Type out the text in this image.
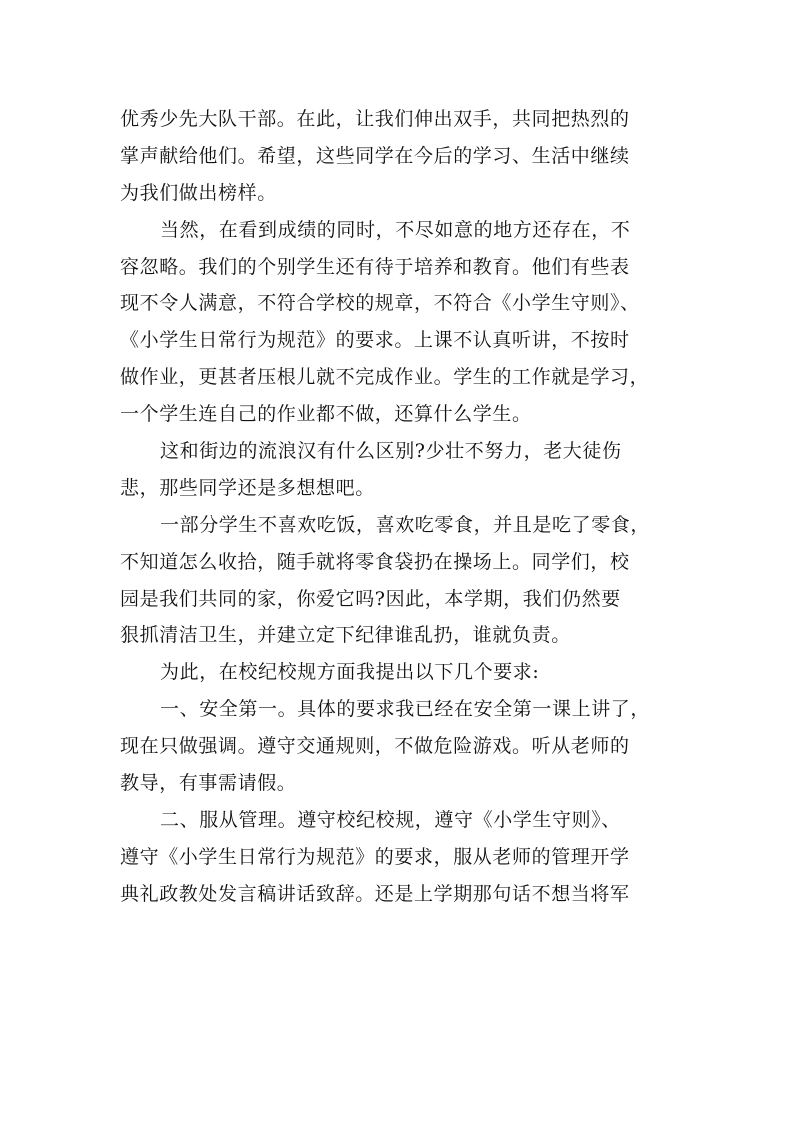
优秀少先大队干部。在此，让我们伸出双手，共同把热烈的
掌声献给他们。希望，这些同学在今后的学习、生活中继续
为我们做出榜样。
当然，在看到成绩的同时，不尽如意的地方还存在，不
容忽略。我们的个别学生还有待于培养和教育。他们有些表
现不令人满意，不符合学校的规章，不符合《小学生守则》、
《小学生日常行为规范》的要求。上课不认真听讲，不按时
做作业，更甚者压根儿就不完成作业。学生的工作就是学习，
一个学生连自己的作业都不做，还算什么学生。
这和街边的流浪汉有什么区别?少壮不努力，老大徒伤
悲，那些同学还是多想想吧。
一部分学生不喜欢吃饭，喜欢吃零食，并且是吃了零食，
不知道怎么收拾，随手就将零食袋扔在操场上。同学们，校
园是我们共同的家，你爱它吗?因此，本学期，我们仍然要
狠抓清洁卫生，并建立定下纪律谁乱扔，谁就负责。
为此，在校纪校规方面我提出以下几个要求:
一、安全第一。具体的要求我已经在安全第一课上讲了，
现在只做强调。遵守交通规则，不做危险游戏。听从老师的
教导，有事需请假。
二、服从管理。遵守校纪校规，遵守《小学生守则》、
遵守《小学生日常行为规范》的要求，服从老师的管理开学
典礼政教处发言稿讲话致辞。还是上学期那句话不想当将军
